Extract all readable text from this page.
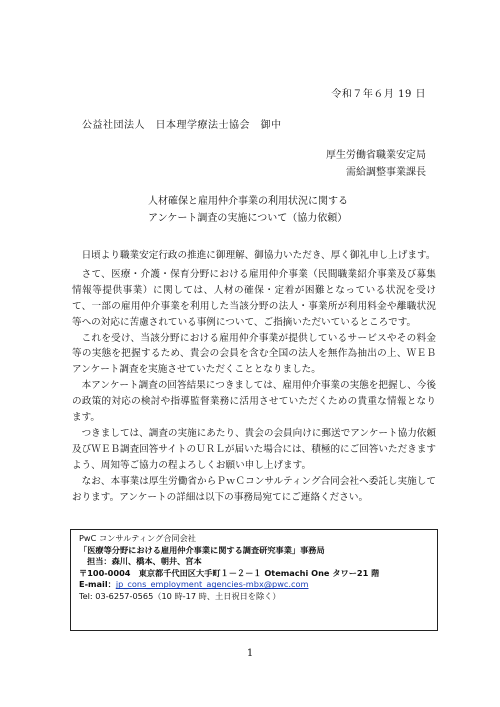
令和７年６月 19 日
公益社団法人　日本理学療法士協会　御中
厚生労働省職業安定局
需給調整事業課長
人材確保と雇用仲介事業の利用状況に関する
アンケート調査の実施について（協力依頼）

日頃より職業安定行政の推進に御理解、御協力いただき、厚く御礼申し上げます。

さて、医療・介護・保育分野における雇用仲介事業（民間職業紹介事業及び募集情報等提供事業）に関しては、人材の確保・定着が困難となっている状況を受けて、一部の雇用仲介事業を利用した当該分野の法人・事業所が利用料金や離職状況等への対応に苦慮されている事例について、ご指摘いただいているところです。

これを受け、当該分野における雇用仲介事業が提供しているサービスやその料金等の実態を把握するため、貴会の会員を含む全国の法人を無作為抽出の上、ＷＥＢアンケート調査を実施させていただくこととなりました。

本アンケート調査の回答結果につきましては、雇用仲介事業の実態を把握し、今後の政策的対応の検討や指導監督業務に活用させていただくための貴重な情報となります。

つきましては、調査の実施にあたり、貴会の会員向けに郵送でアンケート協力依頼及びＷＥＢ調査回答サイトのＵＲＬが届いた場合には、積極的にご回答いただきますよう、周知等ご協力の程よろしくお願い申し上げます。

なお、本事業は厚生労働省からＰｗＣコンサルティング合同会社へ委託し実施しております。アンケートの詳細は以下の事務局宛てにご連絡ください。

PwC コンサルティング合同会社
「医療等分野における雇用仲介事業に関する調査研究事業」事務局
担当：森川、橋本、朝井、宮本
〒100-0004　東京都千代田区大手町１－２－１ Otemachi One タワー21 階
E-mail：jp_cons_employment_agencies-mbx@pwc.com
Tel: 03-6257-0565（10 時-17 時、土日祝日を除く）
1
